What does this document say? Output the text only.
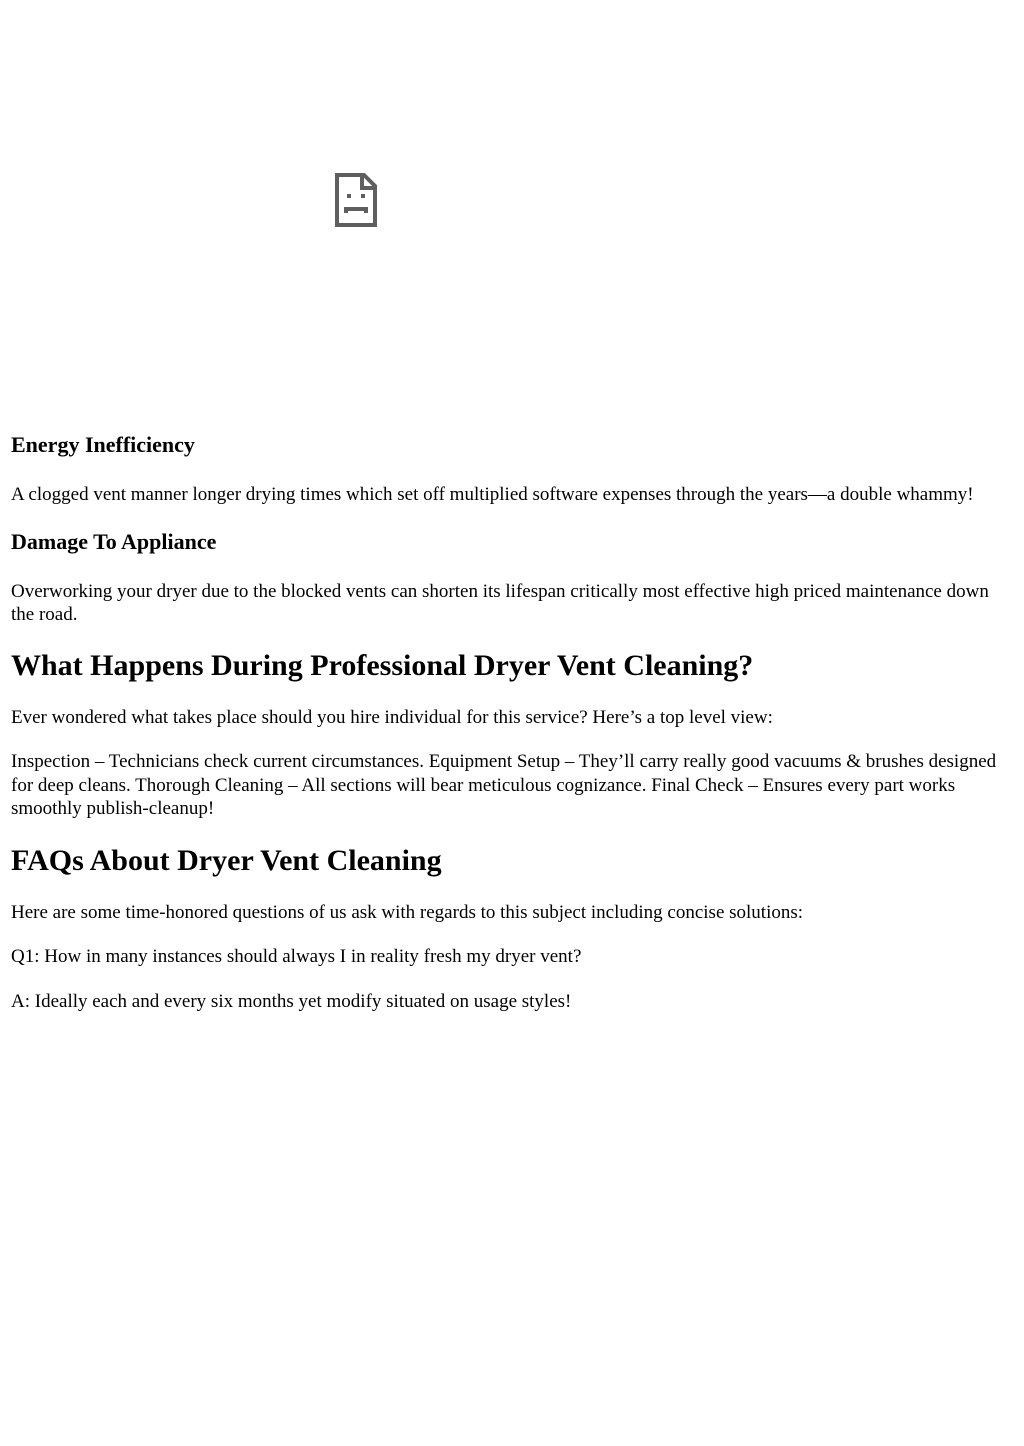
Energy Inefficiency

A clogged vent manner longer drying times which set off multiplied software expenses through the years—a double whammy!

Damage To Appliance

Overworking your dryer due to the blocked vents can shorten its lifespan critically most effective high priced maintenance down the road.

What Happens During Professional Dryer Vent Cleaning?

Ever wondered what takes place should you hire individual for this service? Here’s a top level view:

Inspection – Technicians check current circumstances. Equipment Setup – They’ll carry really good vacuums & brushes designed for deep cleans. Thorough Cleaning – All sections will bear meticulous cognizance. Final Check – Ensures every part works smoothly publish-cleanup!

FAQs About Dryer Vent Cleaning

Here are some time-honored questions of us ask with regards to this subject including concise solutions:

Q1: How in many instances should always I in reality fresh my dryer vent?

A: Ideally each and every six months yet modify situated on usage styles!
